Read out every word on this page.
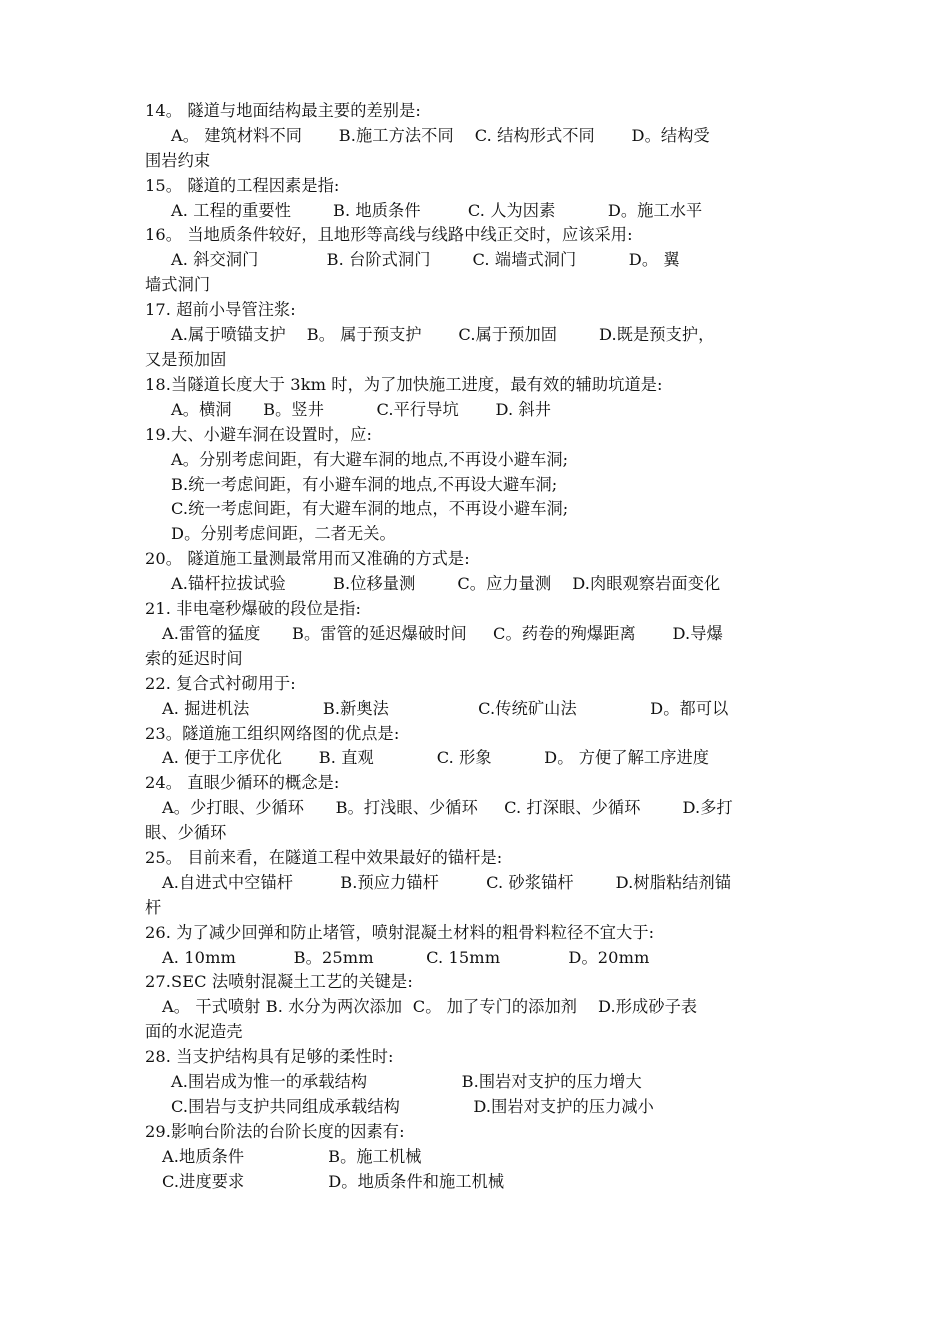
14。 隧道与地面结构最主要的差别是:
A。 建筑材料不同       B.施工方法不同    C. 结构形式不同       D。结构受
围岩约束
15。 隧道的工程因素是指:
A. 工程的重要性        B. 地质条件         C. 人为因素          D。施工水平
16。 当地质条件较好，且地形等高线与线路中线正交时，应该采用:
A. 斜交洞门             B. 台阶式洞门        C. 端墙式洞门          D。 翼
墙式洞门
17. 超前小导管注浆:
A.属于喷锚支护    B。 属于预支护       C.属于预加固        D.既是预支护，
又是预加固
18.当隧道长度大于 3km 时，为了加快施工进度，最有效的辅助坑道是:
A。横洞      B。竖井          C.平行导坑       D. 斜井
19.大、小避车洞在设置时，应:
A。分别考虑间距，有大避车洞的地点,不再设小避车洞;
B.统一考虑间距，有小避车洞的地点,不再设大避车洞;
C.统一考虑间距，有大避车洞的地点，不再设小避车洞;
D。分别考虑间距，二者无关。
20。 隧道施工量测最常用而又准确的方式是:
A.锚杆拉拔试验         B.位移量测        C。应力量测    D.肉眼观察岩面变化
21. 非电毫秒爆破的段位是指:
A.雷管的猛度      B。雷管的延迟爆破时间     C。药卷的殉爆距离       D.导爆
索的延迟时间
22. 复合式衬砌用于:
A. 掘进机法              B.新奥法                 C.传统矿山法              D。都可以
23。隧道施工组织网络图的优点是:
A. 便于工序优化       B. 直观            C. 形象          D。 方便了解工序进度
24。 直眼少循环的概念是:
A。少打眼、少循环      B。打浅眼、少循环     C. 打深眼、少循环        D.多打
眼、少循环
25。 目前来看，在隧道工程中效果最好的锚杆是:
A.自进式中空锚杆         B.预应力锚杆         C. 砂浆锚杆        D.树脂粘结剂锚
杆
26. 为了减少回弹和防止堵管，喷射混凝土材料的粗骨料粒径不宜大于:
A. 10mm           B。25mm          C. 15mm             D。20mm
27.SEC 法喷射混凝土工艺的关键是:
A。 干式喷射 B. 水分为两次添加  C。 加了专门的添加剂    D.形成砂子表
面的水泥造壳
28. 当支护结构具有足够的柔性时:
A.围岩成为惟一的承载结构                  B.围岩对支护的压力增大
C.围岩与支护共同组成承载结构              D.围岩对支护的压力减小
29.影响台阶法的台阶长度的因素有:
A.地质条件                B。施工机械
C.进度要求                D。地质条件和施工机械
